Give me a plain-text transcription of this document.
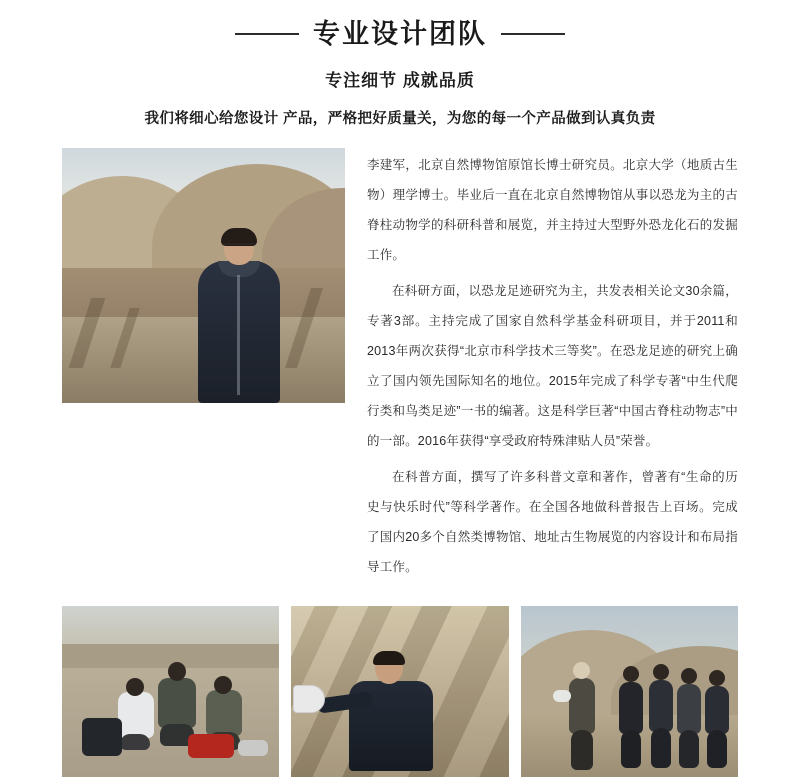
专业设计团队
专注细节 成就品质
我们将细心给您设计 产品，严格把好质量关，为您的每一个产品做到认真负责

李建军，北京自然博物馆原馆长博士研究员。北京大学（地质古生物）理学博士。毕业后一直在北京自然博物馆从事以恐龙为主的古脊柱动物学的科研科普和展览，并主持过大型野外恐龙化石的发掘工作。

在科研方面，以恐龙足迹研究为主，共发表相关论文30余篇，专著3部。主持完成了国家自然科学基金科研项目，并于2011和2013年两次获得“北京市科学技术三等奖”。在恐龙足迹的研究上确立了国内领先国际知名的地位。2015年完成了科学专著“中生代爬行类和鸟类足迹”一书的编著。这是科学巨著“中国古脊柱动物志”中的一部。2016年获得“享受政府特殊津贴人员”荣誉。

在科普方面，撰写了许多科普文章和著作，曾著有“生命的历史与快乐时代”等科学著作。在全国各地做科普报告上百场。完成了国内20多个自然类博物馆、地址古生物展览的内容设计和布局指导工作。
